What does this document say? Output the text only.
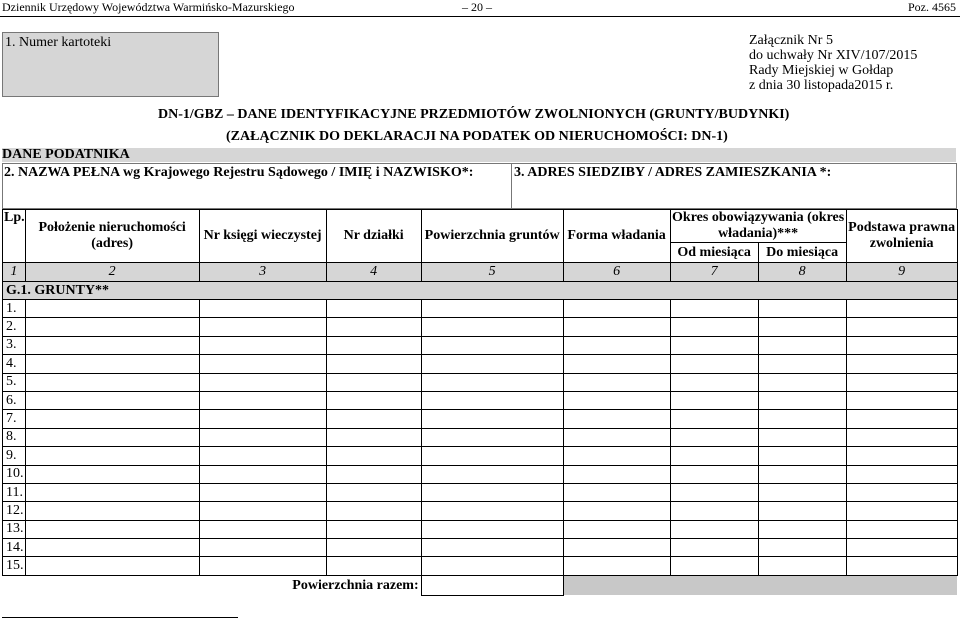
Dziennik Urzędowy Województwa Warmińsko-Mazurskiego	– 20 –	Poz. 4565
1. Numer kartoteki	Załącznik Nr 5
do uchwały Nr XIV/107/2015
Rady Miejskiej w Gołdap
z dnia 30 listopada2015 r.
DN-1/GBZ – DANE IDENTYFIKACYJNE PRZEDMIOTÓW ZWOLNIONYCH (GRUNTY/BUDYNKI)
(ZAŁĄCZNIK DO DEKLARACJI NA PODATEK OD NIERUCHOMOŚCI: DN-1)
DANE PODATNIKA
2. NAZWA PEŁNA wg Krajowego Rejestru Sądowego / IMIĘ i NAZWISKO*:	3. ADRES SIEDZIBY / ADRES ZAMIESZKANIA *:
Lp.	Położenie nieruchomości (adres)	Nr księgi wieczystej	Nr działki	Powierzchnia gruntów	Forma władania	Okres obowiązywania (okres władania)***		Podstawa prawna zwolnienia
						Od miesiąca	Do miesiąca	
1	2	3	4	5	6	7	8	9
G.1. GRUNTY**								
1.								
2.								
3.								
4.								
5.								
6.								
7.								
8.								
9.								
10.								
11.								
12.								
13.								
14.								
15.								
Powierzchnia razem:								
